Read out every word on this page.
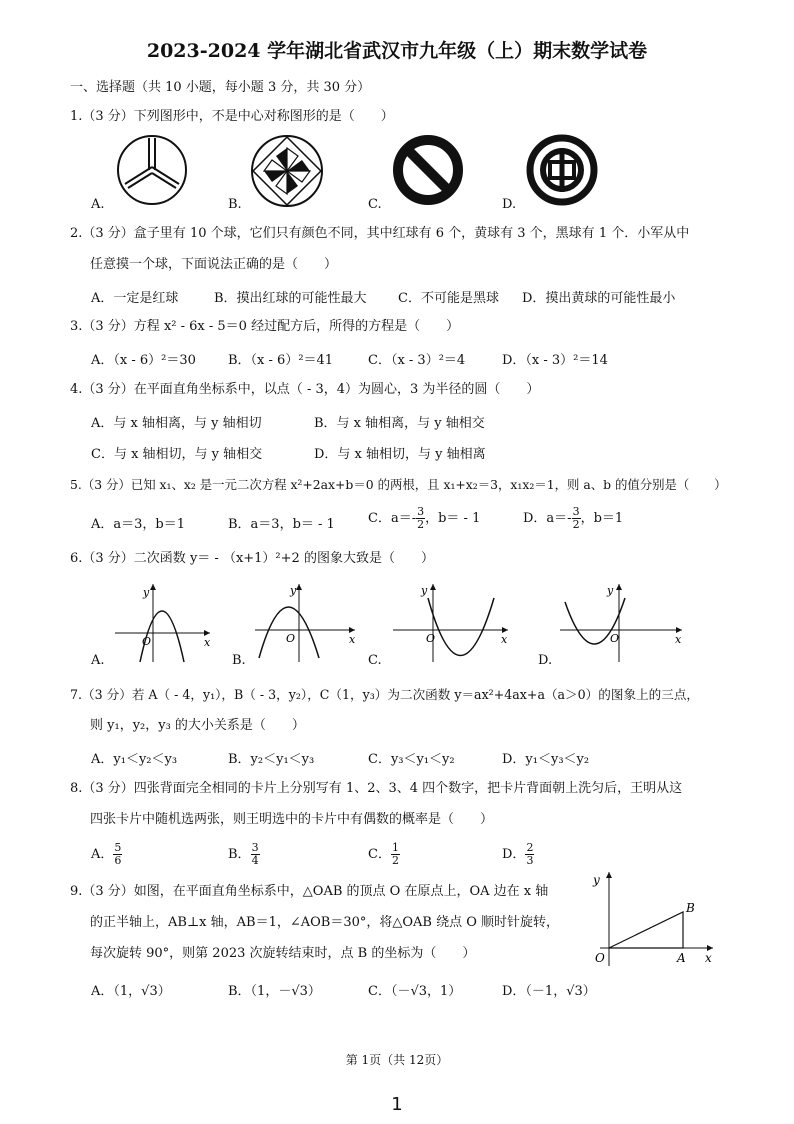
2023-2024 学年湖北省武汉市九年级（上）期末数学试卷
一、选择题（共 10 小题，每小题 3 分，共 30 分）
1.（3 分）下列图形中，不是中心对称图形的是（　　）
A.	B.	C.	D.
2.（3 分）盒子里有 10 个球，它们只有颜色不同，其中红球有 6 个，黄球有 3 个，黑球有 1 个．小军从中
任意摸一个球，下面说法正确的是（　　）
A．一定是红球	B．摸出红球的可能性最大 C．不可能是黑球 D．摸出黄球的可能性最小
3.（3 分）方程 x² - 6x - 5＝0 经过配方后，所得的方程是（　　）
A．（x - 6）²＝30 B．（x - 6）²＝41	C．（x - 3）²＝4	D．（x - 3）²＝14
4.（3 分）在平面直角坐标系中，以点（ - 3，4）为圆心，3 为半径的圆（　　）
A．与 x 轴相离，与 y 轴相切	B．与 x 轴相离，与 y 轴相交
C．与 x 轴相切，与 y 轴相交	D．与 x 轴相切，与 y 轴相离
5.（3 分）已知 x₁、x₂ 是一元二次方程 x²+2ax+b＝0 的两根，且 x₁+x₂＝3，x₁x₂＝1，则 a、b 的值分别是（　　）
A．a＝3，b＝1	B．a＝3，b＝ - 1	C．$a=- \frac{3}{2}$ ，b＝ - 1	D．$a=- \frac{3}{2}$ ，b＝1
6.（3 分）二次函数 y＝ - （x+1）²+2 的图象大致是（　　）
y
x
O
y
x
O
y
x
O
y
x
O
A.	B.	C.	D.
7.（3 分）若 A（ - 4，y₁），B（ - 3，y₂），C（1，y₃）为二次函数 y＝ax²+4ax+a（a＞0）的图象上的三点，
则 y₁，y₂，y₃ 的大小关系是（　　）
A．y₁＜y₂＜y₃	B．y₂＜y₁＜y₃	C．y₃＜y₁＜y₂	D．y₁＜y₃＜y₂
8.（3 分）四张背面完全相同的卡片上分别写有 1、2、3、4 四个数字，把卡片背面朝上洗匀后，王明从这
四张卡片中随机选两张，则王明选中的卡片中有偶数的概率是（　　）
A． $\frac{5}{6}$	B． $\frac{3}{4}$	C． $\frac{1}{2}$	D． $\frac{2}{3}$
9.（3 分）如图，在平面直角坐标系中，△OAB 的顶点 O 在原点上，OA 边在 x 轴
的正半轴上，AB⊥x 轴，AB＝1，∠AOB＝30°，将△OAB 绕点 O 顺时针旋转，
每次旋转 90°，则第 2023 次旋转结束时，点 B 的坐标为（　　）
A．（1，√3）	B．（1，－√3）	C．（－√3，1）	D．（－1，√3）
y
x
O	A
B
第 1页（共 12页）
1
